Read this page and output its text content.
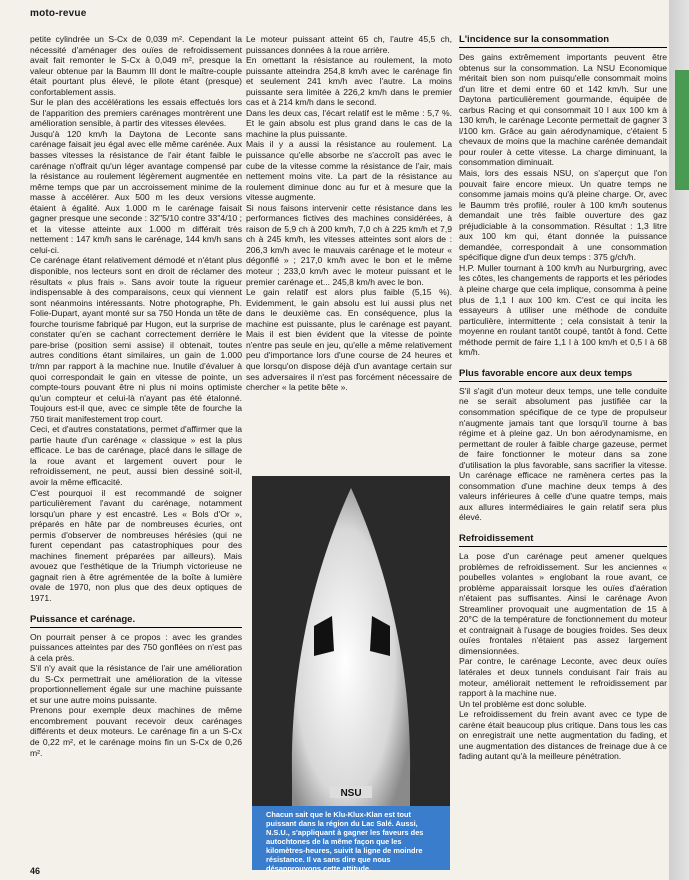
moto-revue

petite cylindrée un S-Cx de 0,039 m². Cependant la nécessité d'aménager des ouïes de refroidissement avait fait remonter le S-Cx à 0,049 m², presque la valeur obtenue par la Baumm III dont le maître-couple était pourtant plus élevé, le pilote étant (presque) confortablement assis.

Sur le plan des accélérations les essais effectués lors de l'apparition des premiers carénages montrèrent une amélioration sensible, à partir des vitesses élevées.

Jusqu'à 120 km/h la Daytona de Leconte sans carénage faisait jeu égal avec elle même carénée. Aux basses vitesses la résistance de l'air étant faible le carénage n'offrait qu'un léger avantage compensé par la résistance au roulement légèrement augmentée en même temps que par un accroissement minime de la masse à accélérer. Aux 500 m les deux versions étaient à égalité. Aux 1.000 m le carénage faisait gagner presque une seconde : 32"5/10 contre 33"4/10 ; et la vitesse atteinte aux 1.000 m différait très nettement : 147 km/h sans le carénage, 144 km/h sans celui-ci.

Ce carénage étant relativement démodé et n'étant plus disponible, nos lecteurs sont en droit de réclamer des résultats « plus frais ». Sans avoir toute la rigueur indispensable à des comparaisons, ceux qui viennent sont néanmoins intéressants. Notre photographe, Ph. Folie-Dupart, ayant monté sur sa 750 Honda un tête de fourche tourisme fabriqué par Hugon, eut la surprise de constater qu'en se cachant correctement derrière le pare-brise (position semi assise) il obtenait, toutes autres conditions étant similaires, un gain de 1.000 tr/mn par rapport à la machine nue. Inutile d'évaluer à quoi correspondait le gain en vitesse de pointe, un compte-tours pouvant être ni plus ni moins optimiste qu'un compteur et celui-là n'ayant pas été étalonné. Toujours est-il que, avec ce simple tête de fourche la 750 tirait manifestement trop court.

Ceci, et d'autres constatations, permet d'affirmer que la partie haute d'un carénage « classique » est la plus efficace. Le bas de carénage, placé dans le sillage de la roue avant et largement ouvert pour le refroidissement, ne peut, aussi bien dessiné soit-il, avoir la même efficacité.

C'est pourquoi il est recommandé de soigner particulièrement l'avant du carénage, notamment lorsqu'un phare y est encastré. Les « Bols d'Or », préparés en hâte par de nombreuses écuries, ont permis d'observer de nombreuses hérésies (qui ne furent cependant pas catastrophiques pour des machines finement préparées par ailleurs). Mais avouez que l'esthétique de la Triumph victorieuse ne gagnait rien à être agrémentée de la boîte à lumière ovale de 1970, non plus que des deux optiques de 1971.

Puissance et carénage.

On pourrait penser à ce propos : avec les grandes puissances atteintes par des 750 gonflées on n'est pas à cela près.

S'il n'y avait que la résistance de l'air une amélioration du S-Cx permettrait une amélioration de la vitesse proportionnellement égale sur une machine puissante et sur une autre moins puissante.

Prenons pour exemple deux machines de même encombrement pouvant recevoir deux carénages différents et deux moteurs. Le carénage fin a un S-Cx de 0,22 m², et le carénage moins fin un S-Cx de 0,26 m².

Le moteur puissant atteint 65 ch, l'autre 45,5 ch, puissances données à la roue arrière.

En omettant la résistance au roulement, la moto puissante atteindra 254,8 km/h avec le carénage fin et seulement 241 km/h avec l'autre. La moins puissante sera limitée à 226,2 km/h dans le premier cas et à 214 km/h dans le second.

Dans les deux cas, l'écart relatif est le même : 5,7 %. Et le gain absolu est plus grand dans le cas de la machine la plus puissante.

Mais il y a aussi la résistance au roulement. La puissance qu'elle absorbe ne s'accroît pas avec le cube de la vitesse comme la résistance de l'air, mais nettement moins vite. La part de la résistance au roulement diminue donc au fur et à mesure que la vitesse augmente.

Si nous faisons intervenir cette résistance dans les performances fictives des machines considérées, à raison de 5,9 ch à 200 km/h, 7,0 ch à 225 km/h et 7,9 ch à 245 km/h, les vitesses atteintes sont alors de : 206,3 km/h avec le mauvais carénage et le moteur « dégonflé » ; 217,0 km/h avec le bon et le même moteur ; 233,0 km/h avec le moteur puissant et le premier carénage et... 245,8 km/h avec le bon.

Le gain relatif est alors plus faible (5,15 %). Evidemment, le gain absolu est lui aussi plus net dans le deuxième cas. En conséquence, plus la machine est puissante, plus le carénage est payant. Mais il est bien évident que la vitesse de pointe n'entre pas seule en jeu, qu'elle a même relativement peu d'importance lors d'une course de 24 heures et que lorsqu'on dispose déjà d'un avantage certain sur ses adversaires il n'est pas forcément nécessaire de chercher « la petite bête ».

NSU
Chacun sait que le Klu-Klux-Klan est tout puissant dans la région du Lac Salé. Aussi, N.S.U., s'appliquant à gagner les faveurs des autochtones de la même façon que les kilomètres-heures, suivit la ligne de moindre résistance. Il va sans dire que nous désapprouvons cette attitude.
L'incidence sur la consommation

Des gains extrêmement importants peuvent être obtenus sur la consommation. La NSU Economique méritait bien son nom puisqu'elle consommait moins d'un litre et demi entre 60 et 142 km/h. Sur une Daytona particulièrement gourmande, équipée de carbus Racing et qui consommait 10 l aux 100 km à 130 km/h, le carénage Leconte permettait de gagner 3 l/100 km. Grâce au gain aérodynamique, c'étaient 5 chevaux de moins que la machine carénée demandait pour rouler à cette vitesse. La charge diminuant, la consommation diminuait.

Mais, lors des essais NSU, on s'aperçut que l'on pouvait faire encore mieux. Un quatre temps ne consomme jamais moins qu'à pleine charge. Or, avec le Baumm très profilé, rouler à 100 km/h soutenus demandait une très faible ouverture des gaz préjudiciable à la consommation. Résultat : 1,3 litre aux 100 km qui, étant donnée la puissance demandée, correspondait à une consommation spécifique digne d'un deux temps : 375 g/ch/h.

H.P. Muller tournant à 100 km/h au Nurburgring, avec les côtes, les changements de rapports et les périodes à pleine charge que cela implique, consomma à peine plus de 1,1 l aux 100 km. C'est ce qui incita les essayeurs à utiliser une méthode de conduite particulière, intermittente ; cela consistait à tenir la moyenne en roulant tantôt coupé, tantôt à fond. Cette méthode permit de faire 1,1 l à 100 km/h et 0,5 l à 68 km/h.

Plus favorable encore aux deux temps

S'il s'agit d'un moteur deux temps, une telle conduite ne se serait absolument pas justifiée car la consommation spécifique de ce type de propulseur n'augmente jamais tant que lorsqu'il tourne à bas régime et à pleine gaz. Un bon aérodynamisme, en permettant de rouler à faible charge gazeuse, permet de faire fonctionner le moteur dans sa zone d'utilisation la plus favorable, sans sacrifier la vitesse. Un carénage efficace ne ramènera certes pas la consommation d'une machine deux temps à des valeurs inférieures à celle d'une quatre temps, mais aux allures intermédiaires le gain relatif sera plus élevé.

Refroidissement

La pose d'un carénage peut amener quelques problèmes de refroidissement. Sur les anciennes « poubelles volantes » englobant la roue avant, ce problème apparaissait lorsque les ouïes d'aération n'étaient pas suffisantes. Ainsi le carénage Avon Streamliner provoquait une augmentation de 15 à 20°C de la température de fonctionnement du moteur et contraignait à l'usage de bougies froides. Ses deux ouïes frontales n'étaient pas assez largement dimensionnées.

Par contre, le carénage Leconte, avec deux ouïes latérales et deux tunnels conduisant l'air frais au moteur, améliorait nettement le refroidissement par rapport à la machine nue.

Un tel problème est donc soluble.

Le refroidissement du frein avant avec ce type de carène était beaucoup plus critique. Dans tous les cas on enregistrait une nette augmentation du fading, et une augmentation des distances de freinage due à ce fading autant qu'à la meilleure pénétration.

46
